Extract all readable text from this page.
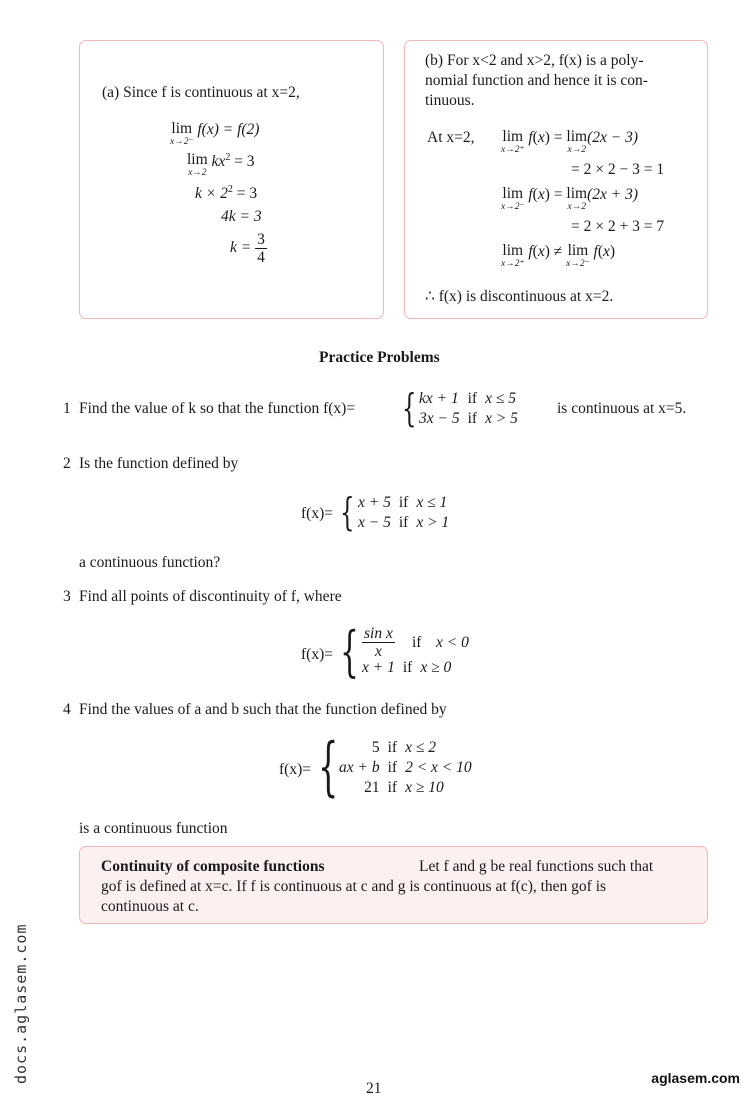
(a) Since f is continuous at x=2,
lim
x→2⁻
f(x) = f(2)
lim
x→2
$kx^2 = 3$
$k \times 2^2 = 3$
4k = 3
$k = \frac{3}{4}$
(b) For x<2 and x>2, f(x) is a poly-
nomial function and hence it is con-
tinuous.
At x=2, lim
x→2⁺
f(x) = lim
x→2
(2x − 3)
= 2 × 2 − 3 = 1
lim
x→2⁻
f(x) = lim
x→2
(2x + 3)
= 2 × 2 + 3 = 7
lim
x→2⁺
f(x) ≠ lim
x→2⁻
f(x)
∴ f(x) is discontinuous at x=2.
Practice Problems
1 Find the value of k so that the function f(x)= { kx + 1	if	x ≤ 5
3x − 5	if	x > 5
is continuous at x=5.
2 Is the function defined by
f(x)= { x + 5	if	x ≤ 1
x − 5	if	x > 1
a continuous function?
3 Find all points of discontinuity of f, where
f(x)= { $\frac{\text{sin x}}{x}$ if x < 0
x + 1	if	x ≥ 0
4 Find the values of a and b such that the function defined by
f(x)= { 5	if	x ≤ 2
ax + b	if	2 < x < 10
21	if	x ≥ 10
is a continuous function
Continuity of composite functions	Let f and g be real functions such that
gof is defined at x=c. If f is continuous at c and g is continuous at f(c), then gof is
continuous at c.
21
docs.aglasem.com	aglasem.com
